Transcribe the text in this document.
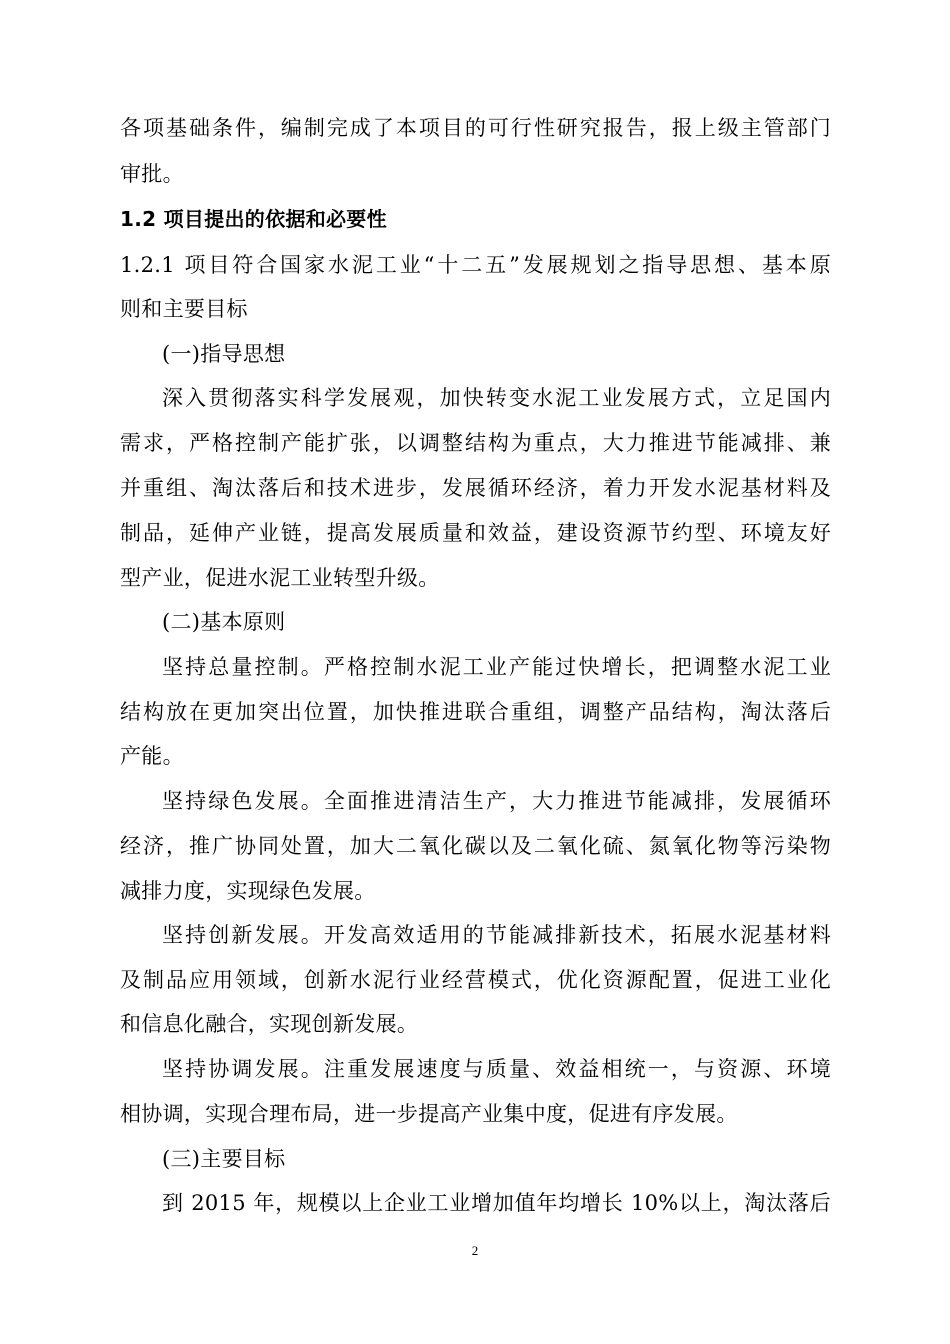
各项基础条件，编制完成了本项目的可行性研究报告，报上级主管部门
审批。
1.2 项目提出的依据和必要性
1.2.1 项目符合国家水泥工业“十二五”发展规划之指导思想、基本原
则和主要目标
(一)指导思想
深入贯彻落实科学发展观，加快转变水泥工业发展方式，立足国内
需求，严格控制产能扩张，以调整结构为重点，大力推进节能减排、兼
并重组、淘汰落后和技术进步，发展循环经济，着力开发水泥基材料及
制品，延伸产业链，提高发展质量和效益，建设资源节约型、环境友好
型产业，促进水泥工业转型升级。
(二)基本原则
坚持总量控制。严格控制水泥工业产能过快增长，把调整水泥工业
结构放在更加突出位置，加快推进联合重组，调整产品结构，淘汰落后
产能。
坚持绿色发展。全面推进清洁生产，大力推进节能减排，发展循环
经济，推广协同处置，加大二氧化碳以及二氧化硫、氮氧化物等污染物
减排力度，实现绿色发展。
坚持创新发展。开发高效适用的节能减排新技术，拓展水泥基材料
及制品应用领域，创新水泥行业经营模式，优化资源配置，促进工业化
和信息化融合，实现创新发展。
坚持协调发展。注重发展速度与质量、效益相统一，与资源、环境
相协调，实现合理布局，进一步提高产业集中度，促进有序发展。
(三)主要目标
到 2015 年，规模以上企业工业增加值年均增长 10%以上，淘汰落后
2
